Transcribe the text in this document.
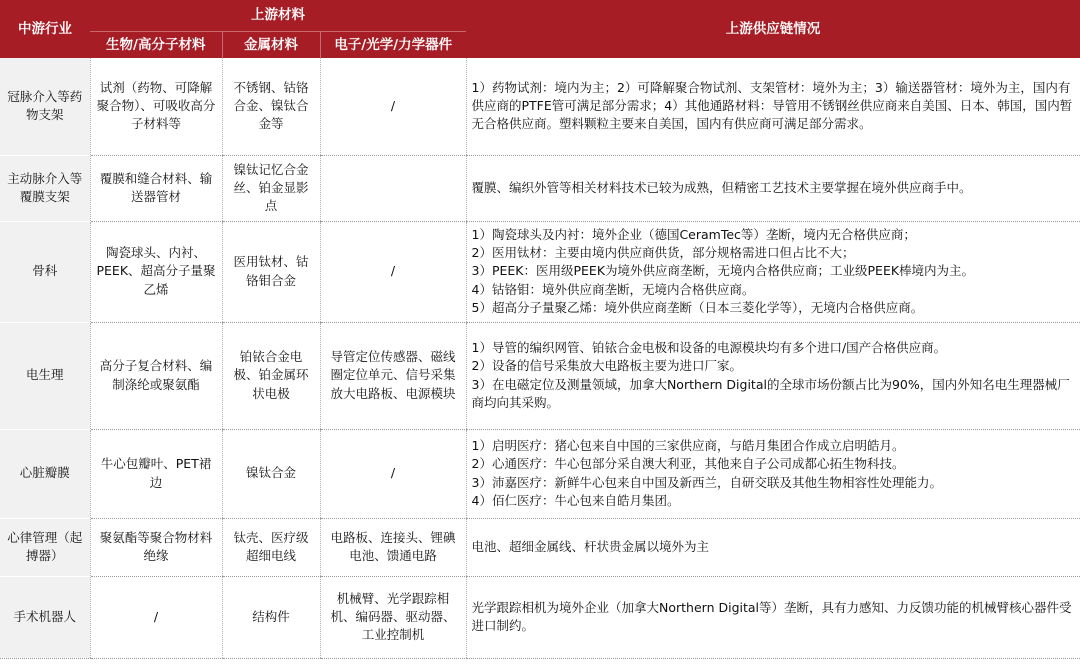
中游行业	上游材料			上游供应链情况
	生物/高分子材料	金属材料	电子/光学/力学器件	
冠脉介入等药物支架	试剂（药物、可降解聚合物）、可吸收高分子材料等	不锈钢、钴铬合金、镍钛合金等	/	1）药物试剂：境内为主；2）可降解聚合物试剂、支架管材：境外为主；3）输送器管材：境外为主，国内有供应商的PTFE管可满足部分需求；4）其他通路材料：导管用不锈钢丝供应商来自美国、日本、韩国，国内暂无合格供应商。塑料颗粒主要来自美国，国内有供应商可满足部分需求。

主动脉介入等覆膜支架	覆膜和缝合材料、输送器管材	镍钛记忆合金丝、铂金显影点		覆膜、编织外管等相关材料技术已较为成熟，但精密工艺技术主要掌握在境外供应商手中。

骨科	陶瓷球头、内衬、PEEK、超高分子量聚乙烯	医用钛材、钴铬钼合金	/	1）陶瓷球头及内衬：境外企业（德国CeramTec等）垄断，境内无合格供应商；
2）医用钛材：主要由境内供应商供货，部分规格需进口但占比不大；
3）PEEK：医用级PEEK为境外供应商垄断，无境内合格供应商；工业级PEEK棒境内为主。
4）钴铬钼：境外供应商垄断，无境内合格供应商。
5）超高分子量聚乙烯：境外供应商垄断（日本三菱化学等），无境内合格供应商。

电生理	高分子复合材料、编制涤纶或聚氨酯	铂铱合金电极、铂金属环状电极	导管定位传感器、磁线圈定位单元、信号采集放大电路板、电源模块	1）导管的编织网管、铂铱合金电极和设备的电源模块均有多个进口/国产合格供应商。
2）设备的信号采集放大电路板主要为进口厂家。
3）在电磁定位及测量领域，加拿大Northern Digital的全球市场份额占比为90%，国内外知名电生理器械厂商均向其采购。

心脏瓣膜	牛心包瓣叶、PET裙边	镍钛合金	/	1）启明医疗：猪心包来自中国的三家供应商，与皓月集团合作成立启明皓月。
2）心通医疗：牛心包部分采自澳大利亚，其他来自子公司成都心拓生物科技。
3）沛嘉医疗：新鲜牛心包来自中国及新西兰，自研交联及其他生物相容性处理能力。
4）佰仁医疗：牛心包来自皓月集团。

心律管理（起搏器）	聚氨酯等聚合物材料绝缘	钛壳、医疗级超细电线	电路板、连接头、锂碘电池、馈通电路	电池、超细金属线、杆状贵金属以境外为主

手术机器人	/	结构件	机械臂、光学跟踪相机、编码器、驱动器、工业控制机	光学跟踪相机为境外企业（加拿大Northern Digital等）垄断，具有力感知、力反馈功能的机械臂核心器件受进口制约。
